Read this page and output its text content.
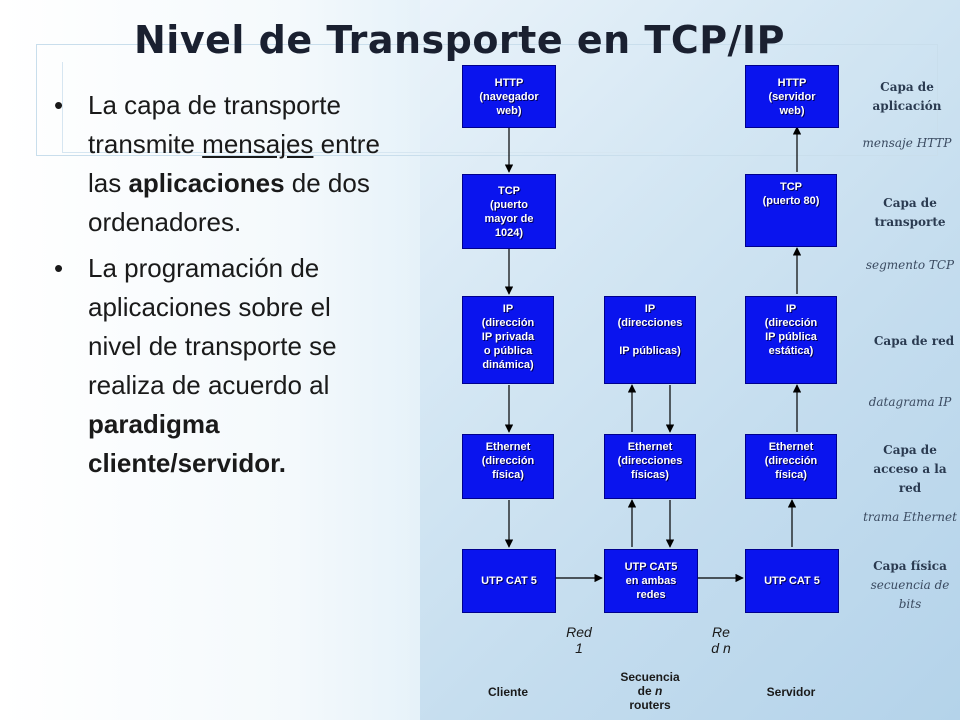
Nivel de Transporte en TCP/IP
• La capa de transporte transmite mensajes entre las aplicaciones de dos ordenadores.
• La programación de aplicaciones sobre el nivel de transporte se realiza de acuerdo al paradigma cliente/servidor.
HTTP
(navegador
web)
TCP
(puerto
mayor de
1024)
IP
(dirección
IP privada
o pública
dinámica)
Ethernet
(dirección
física)
UTP CAT 5
IP
(direcciones
IP públicas)
Ethernet
(direcciones
físicas)
UTP CAT5
en ambas
redes
HTTP
(servidor
web)
TCP
(puerto 80)
IP
(dirección
IP pública
estática)
Ethernet
(dirección
física)
UTP CAT 5
Red
1
Re
d n
Cliente
Secuencia
de n
routers
Servidor
Capa de aplicación
mensaje HTTP
Capa de transporte
segmento TCP
Capa de red
datagrama IP
Capa de acceso a la red
trama Ethernet
Capa física
secuencia de bits
